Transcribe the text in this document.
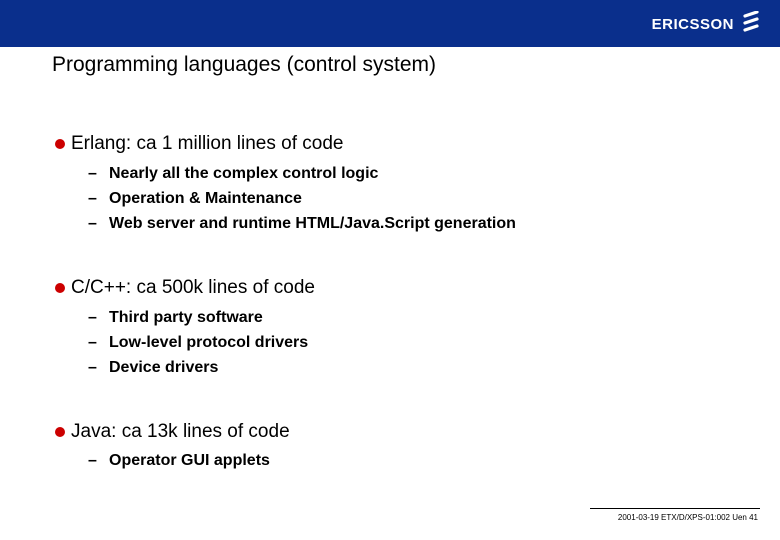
ERICSSON
Programming languages (control system)
Erlang: ca 1 million lines of code
– Nearly all the complex control logic
– Operation & Maintenance
– Web server and runtime HTML/Java.Script generation
C/C++: ca 500k lines of code
– Third party software
– Low-level protocol drivers
– Device drivers
Java: ca 13k lines of code
– Operator GUI applets
2001-03-19 ETX/D/XPS-01:002 Uen 41
